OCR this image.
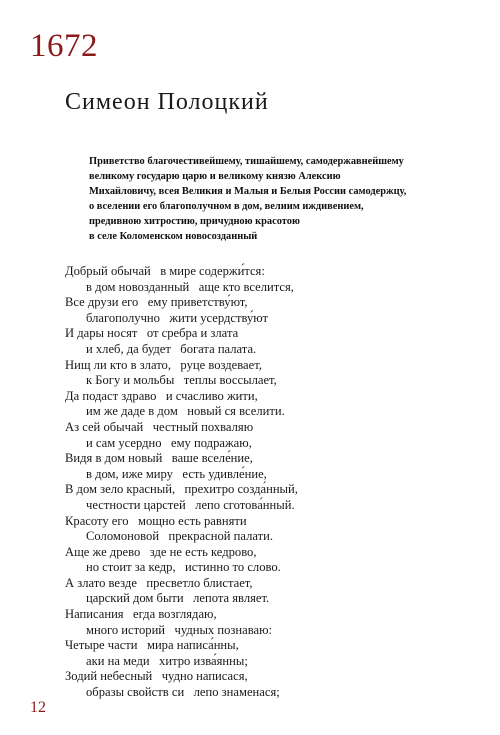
1672
Симеон Полоцкий
Приветство благочестивейшему, тишайшему, самодержавнейшему
великому государю царю и великому князю Алексию
Михайловичу, всея Великия и Малыя и Белыя России самодержцу,
о вселении его благополучном в дом, велиим иждивением,
предивною хитростию, причудною красотою
в селе Коломенском новосозданный
Добрый обычай   в мире содержи́тся:
в дом новозданный   аще кто вселится,
Все друзи его   ему приветству́ют,
благополучно   жити усердству́ют
И дары носят   от сребра и злата
и хлеб, да будет   богата палата.
Нищ ли кто в злато,   руце воздевает,
к Богу и мольбы   теплы воссылает,
Да подаст здраво   и счасливо жити,
им же даде в дом   новый ся вселити.
Аз сей обычай   честный похваляю
и сам усердно   ему подражаю,
Видя в дом новый   ваше вселе́ние,
в дом, иже миру   есть удивле́ние,
В дом зело красный,   прехитро созда́нный,
честности царстей   лепо сготова́нный.
Красоту его   мощно есть равняти
Соломоновой   прекрасной палати.
Аще же древо   зде не есть кедрово,
но стоит за кедр,   истинно то слово.
А злато везде   пресветло блистает,
царский дом быти   лепота являет.
Написания   егда возглядаю,
много историй   чудных познаваю:
Четыре части   мира написа́нны,
аки на меди   хитро изва́янны;
Зодий небесный   чудно написася,
образы свойств си   лепо знаменася;
12
